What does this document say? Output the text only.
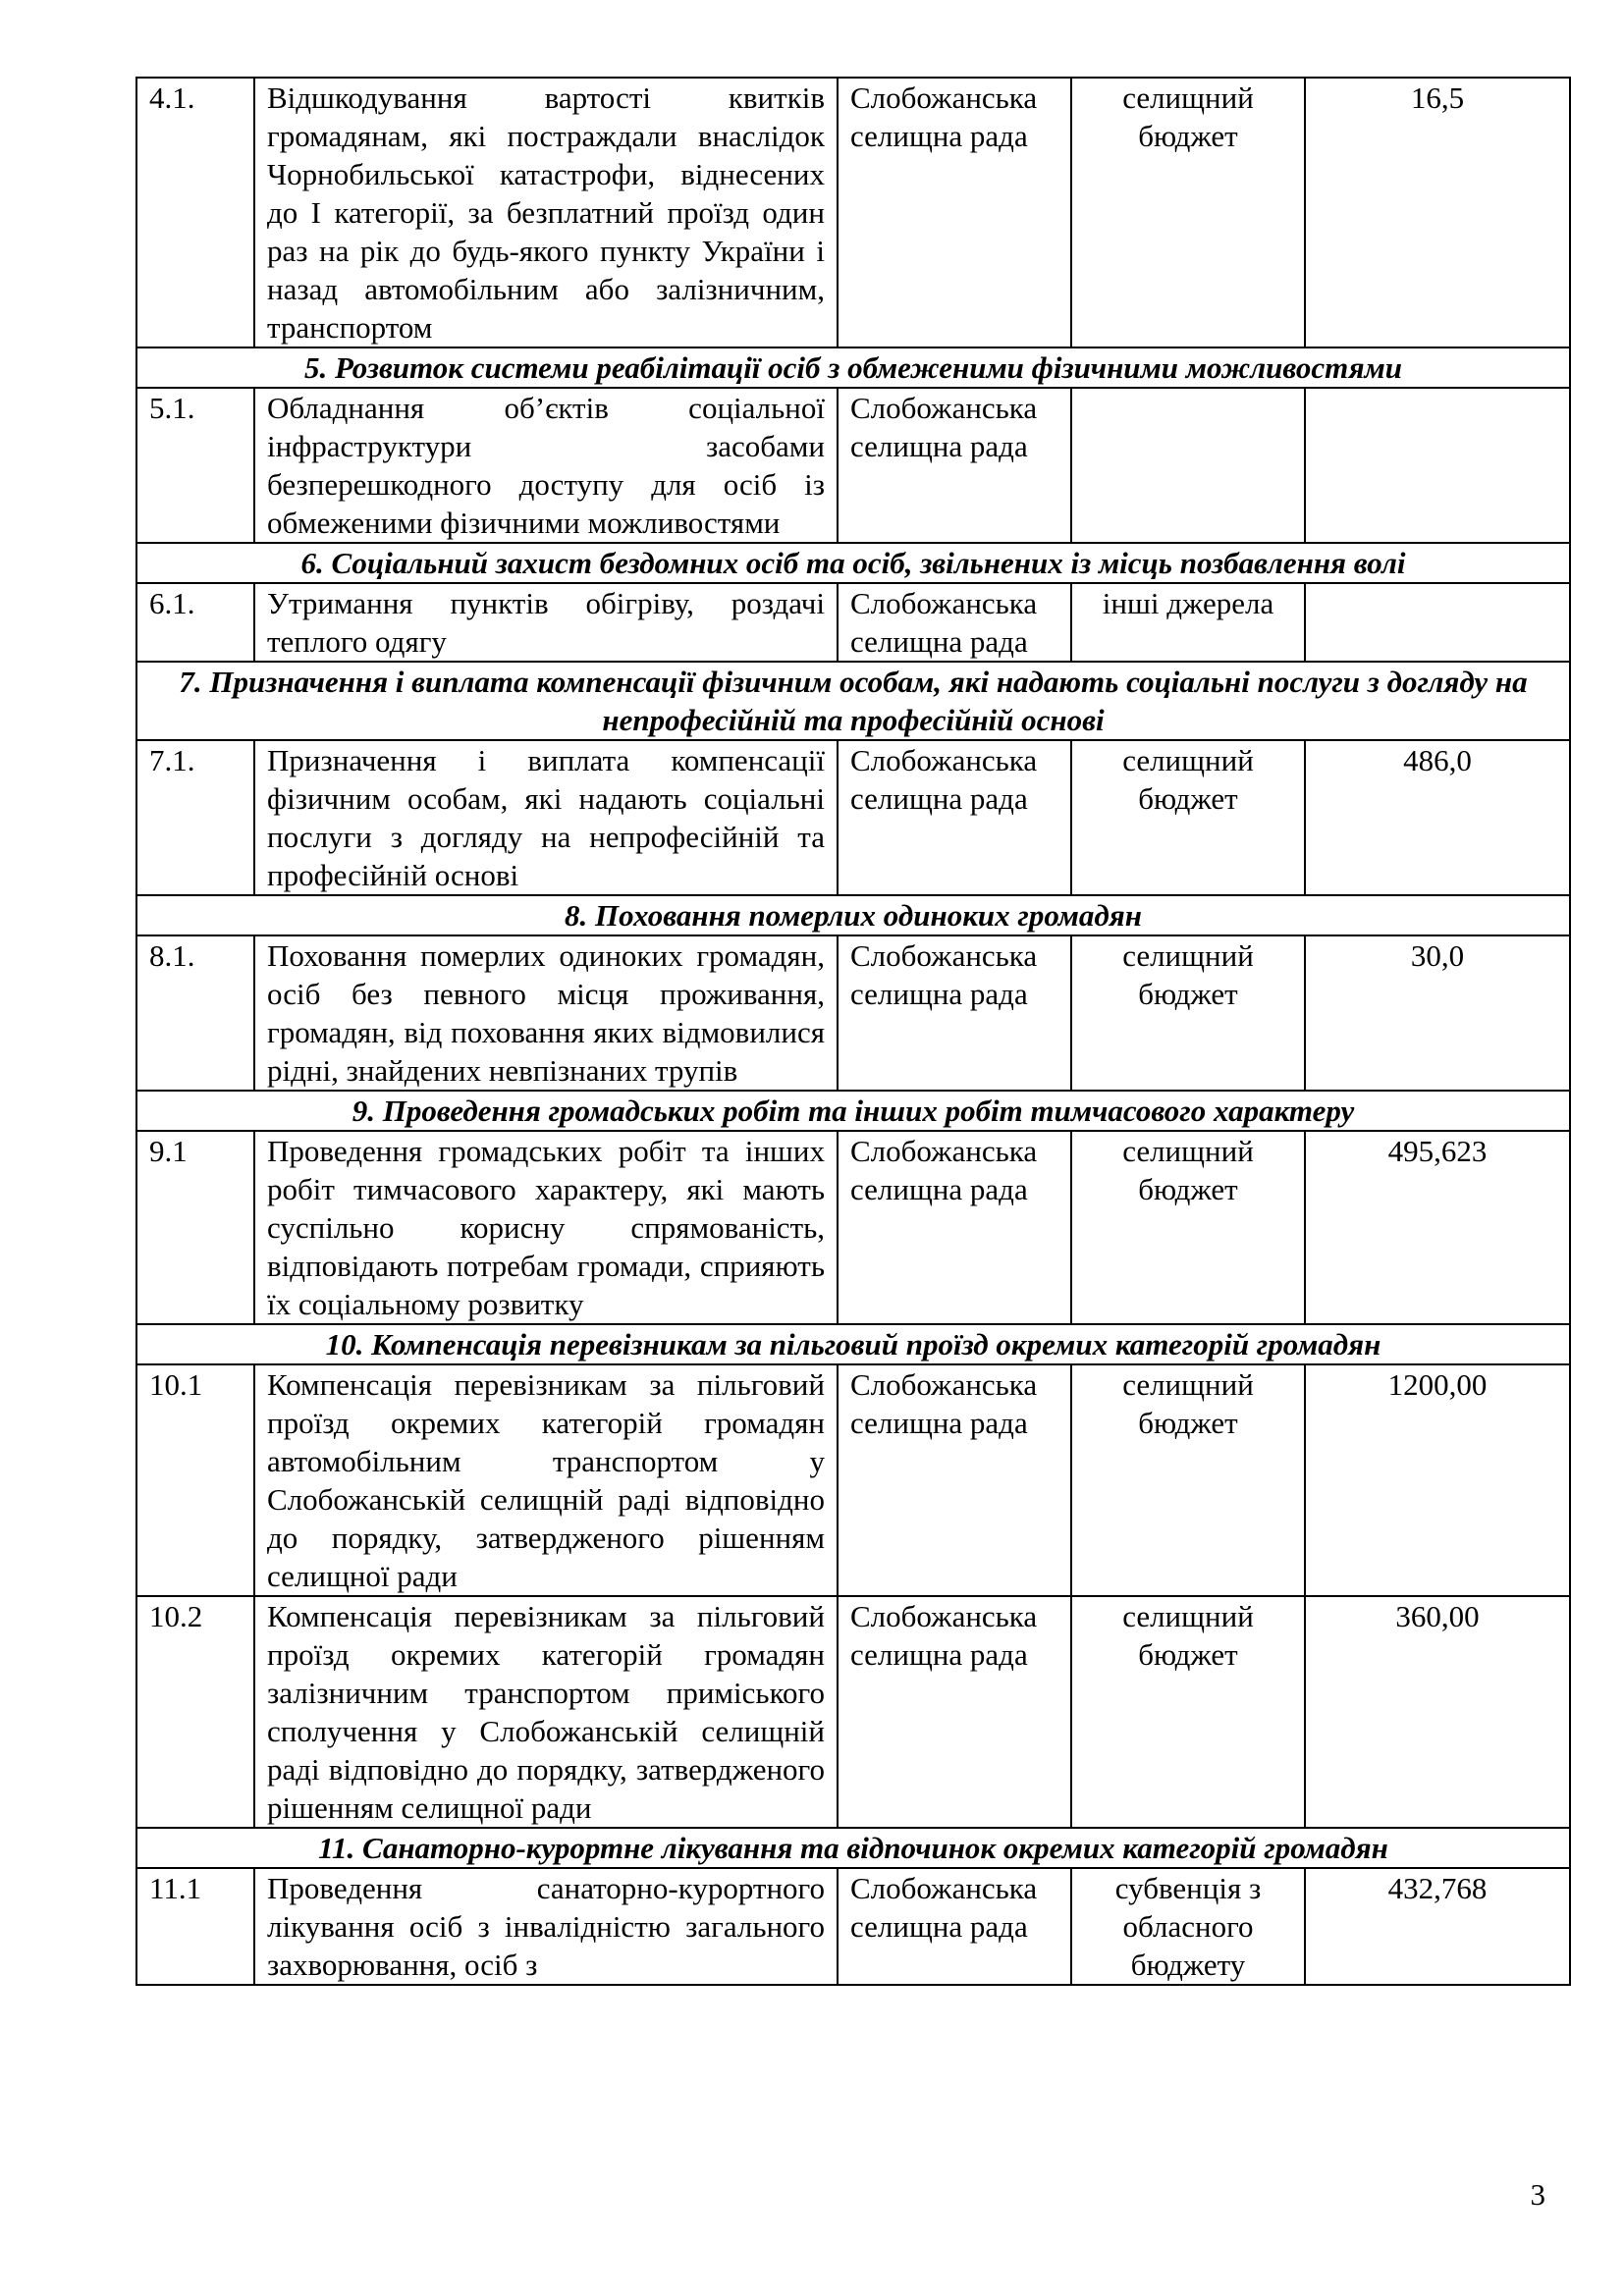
4.1.	Відшкодування вартості квитків громадянам, які постраждали внаслідок Чорнобильської катастрофи, віднесених до І категорії, за безплатний проїзд один раз на рік до будь-якого пункту України і назад автомобільним або залізничним, транспортом	Слобожанська селищна рада	селищний бюджет	16,5
5. Розвиток системи реабілітації осіб з обмеженими фізичними можливостями				
5.1.	Обладнання об’єктів соціальної інфраструктури засобами безперешкодного доступу для осіб із обмеженими фізичними можливостями	Слобожанська селищна рада		
6. Соціальний захист бездомних осіб та осіб, звільнених із місць позбавлення волі				
6.1.	Утримання пунктів обігріву, роздачі теплого одягу	Слобожанська селищна рада	інші джерела	
7. Призначення і виплата компенсації фізичним особам, які надають соціальні послуги з догляду на непрофесійній та професійній основі				
7.1.	Призначення і виплата компенсації фізичним особам, які надають соціальні послуги з догляду на непрофесійній та професійній основі	Слобожанська селищна рада	селищний бюджет	486,0
8. Поховання померлих одиноких громадян				
8.1.	Поховання померлих одиноких громадян, осіб без певного місця проживання, громадян, від поховання яких відмовилися рідні, знайдених невпізнаних трупів	Слобожанська селищна рада	селищний бюджет	30,0
9. Проведення громадських робіт та інших робіт тимчасового характеру				
9.1	Проведення громадських робіт та інших робіт тимчасового характеру, які мають суспільно корисну спрямованість, відповідають потребам громади, сприяють їх соціальному розвитку	Слобожанська селищна рада	селищний бюджет	495,623
10. Компенсація перевізникам за пільговий проїзд окремих категорій громадян				
10.1	Компенсація перевізникам за пільговий проїзд окремих категорій громадян автомобільним транспортом у Слобожанській селищній раді відповідно до порядку, затвердженого рішенням селищної ради	Слобожанська селищна рада	селищний бюджет	1200,00
10.2	Компенсація перевізникам за пільговий проїзд окремих категорій громадян залізничним транспортом приміського сполучення у Слобожанській селищній раді відповідно до порядку, затвердженого рішенням селищної ради	Слобожанська селищна рада	селищний бюджет	360,00
11. Санаторно-курортне лікування та відпочинок окремих категорій громадян				
11.1	Проведення санаторно-курортного лікування осіб з інвалідністю загального захворювання, осіб з	Слобожанська селищна рада	субвенція з обласного бюджету	432,768
3
